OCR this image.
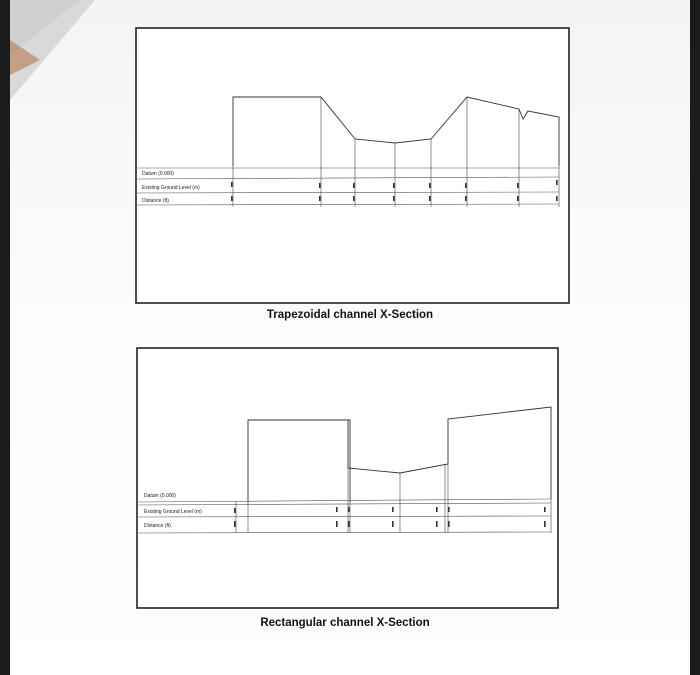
Datum (0.000)
Existing Ground Level (m)
Distance (ft)
Trapezoidal channel X-Section
Datum (0.000)
Existing Ground Level (m)
Distance (ft)
Rectangular channel X-Section
